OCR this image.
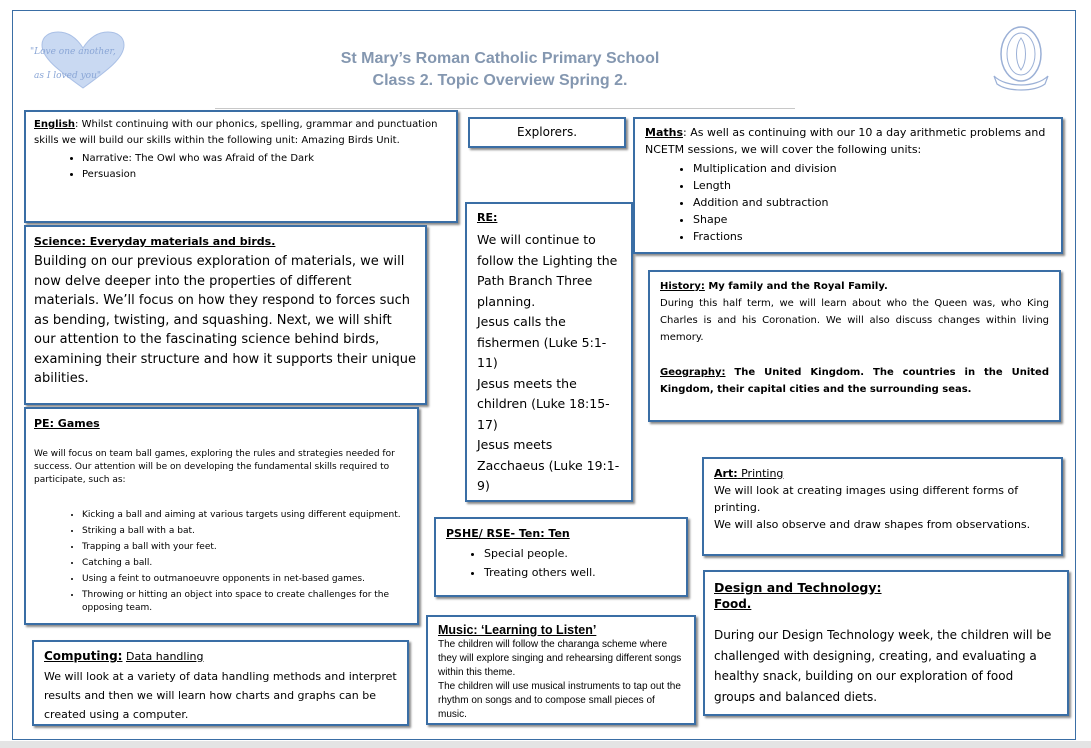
"Love one another,
as I loved you"
St Mary’s Roman Catholic Primary School
Class 2. Topic Overview Spring 2.

English: Whilst continuing with our phonics, spelling, grammar and punctuation skills we will build our skills within the following unit: Amazing Birds Unit.

• Narrative: The Owl who was Afraid of the Dark
• Persuasion

Science: Everyday materials and birds.

Building on our previous exploration of materials, we will now delve deeper into the properties of different materials. We’ll focus on how they respond to forces such as bending, twisting, and squashing. Next, we will shift our attention to the fascinating science behind birds, examining their structure and how it supports their unique abilities.

PE: Games

We will focus on team ball games, exploring the rules and strategies needed for success. Our attention will be on developing the fundamental skills required to participate, such as:

• Kicking a ball and aiming at various targets using different equipment.
• Striking a ball with a bat.
• Trapping a ball with your feet.
• Catching a ball.
• Using a feint to outmanoeuvre opponents in net-based games.
• Throwing or hitting an object into space to create challenges for the opposing team.

Computing: Data handling

We will look at a variety of data handling methods and interpret results and then we will learn how charts and graphs can be created using a computer.

Explorers.

RE:

We will continue to follow the Lighting the Path Branch Three planning.

Jesus calls the fishermen (Luke 5:1-11)

Jesus meets the children (Luke 18:15-17)

Jesus meets Zacchaeus (Luke 19:1-9)

PSHE/ RSE- Ten: Ten

• Special people.
• Treating others well.

Music: ‘Learning to Listen’

The children will follow the charanga scheme where they will explore singing and rehearsing different songs within this theme.

The children will use musical instruments to tap out the rhythm on songs and to compose small pieces of music.

Maths: As well as continuing with our 10 a day arithmetic problems and NCETM sessions, we will cover the following units:

• Multiplication and division
• Length
• Addition and subtraction
• Shape
• Fractions

History: My family and the Royal Family.

During this half term, we will learn about who the Queen was, who King Charles is and his Coronation. We will also discuss changes within living memory.

Geography: The United Kingdom. The countries in the United Kingdom, their capital cities and the surrounding seas.

Art: Printing

We will look at creating images using different forms of printing.

We will also observe and draw shapes from observations.

Design and Technology:

Food.

During our Design Technology week, the children will be challenged with designing, creating, and evaluating a healthy snack, building on our exploration of food groups and balanced diets.
